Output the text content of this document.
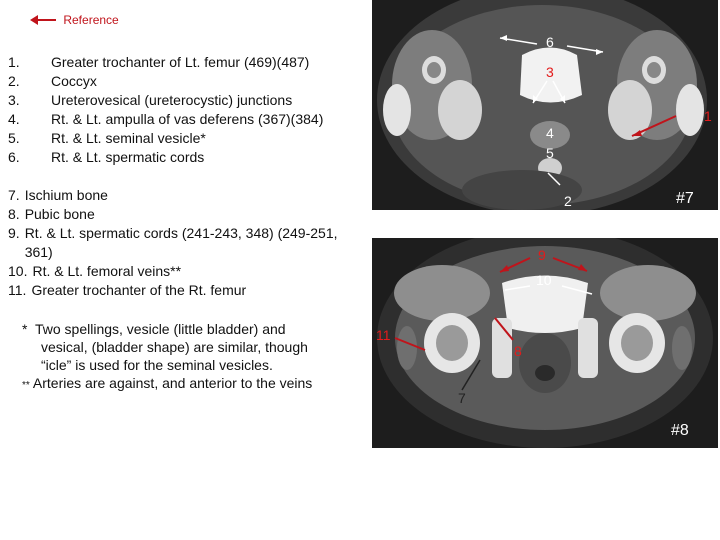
Reference
1.	Greater trochanter of Lt. femur (469)(487)
2.	Coccyx
3.	Ureterovesical (ureterocystic) junctions
4.	Rt. & Lt. ampulla of vas deferens (367)(384)
5.	Rt. & Lt. seminal vesicle*
6.	Rt. & Lt. spermatic cords
7. Ischium bone
8. Pubic bone
9. Rt. & Lt. spermatic cords (241-243, 348) (249-251, 361)
10. Rt. & Lt. femoral veins**
11. Greater trochanter of the Rt. femur

* Two spellings, vesicle (little bladder) and

vesical, (bladder shape) are similar, though

“icle” is used for the seminal vesicles.

** Arteries are against, and anterior to the veins

6
3
1
4
5
2	#7
9
10
11
8
7
#8
